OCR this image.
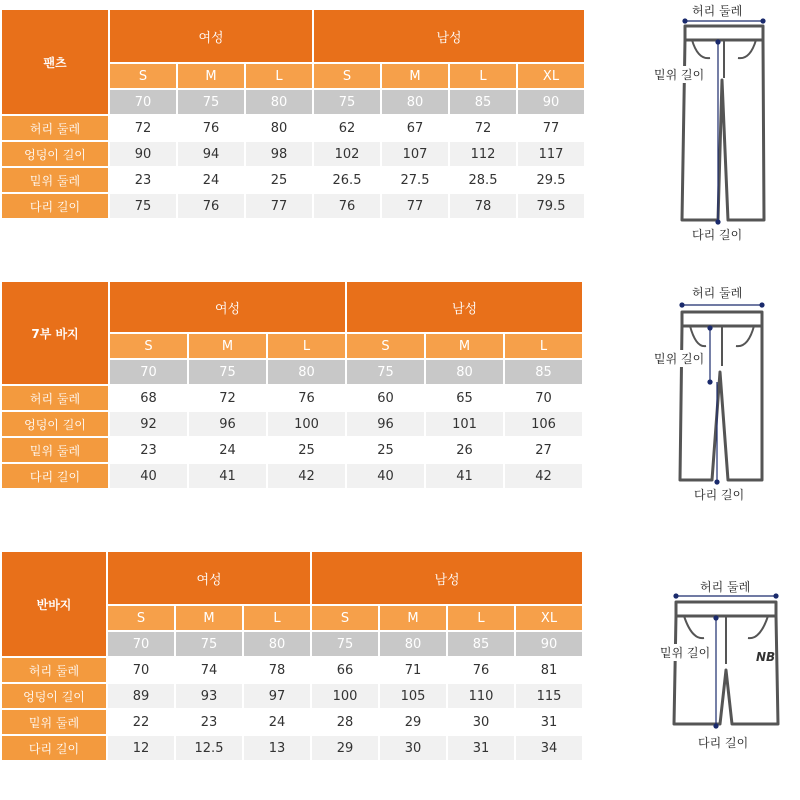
팬츠	여성			남성			
	S	M	L	S	M	L	XL
	70	75	80	75	80	85	90
허리 둘레	72	76	80	62	67	72	77
엉덩이 길이	90	94	98	102	107	112	117
밑위 둘레	23	24	25	26.5	27.5	28.5	29.5
다리 길이	75	76	77	76	77	78	79.5
7부 바지	여성			남성		
	S	M	L	S	M	L
	70	75	80	75	80	85
허리 둘레	68	72	76	60	65	70
엉덩이 길이	92	96	100	96	101	106
밑위 둘레	23	24	25	25	26	27
다리 길이	40	41	42	40	41	42
반바지	여성			남성			
	S	M	L	S	M	L	XL
	70	75	80	75	80	85	90
허리 둘레	70	74	78	66	71	76	81
엉덩이 길이	89	93	97	100	105	110	115
밑위 둘레	22	23	24	28	29	30	31
다리 길이	12	12.5	13	29	30	31	34
허리 둘레
밑위 길이
다리 길이
허리 둘레
밑위 길이
다리 길이
허리 둘레
NB
밑위 길이
다리 길이
